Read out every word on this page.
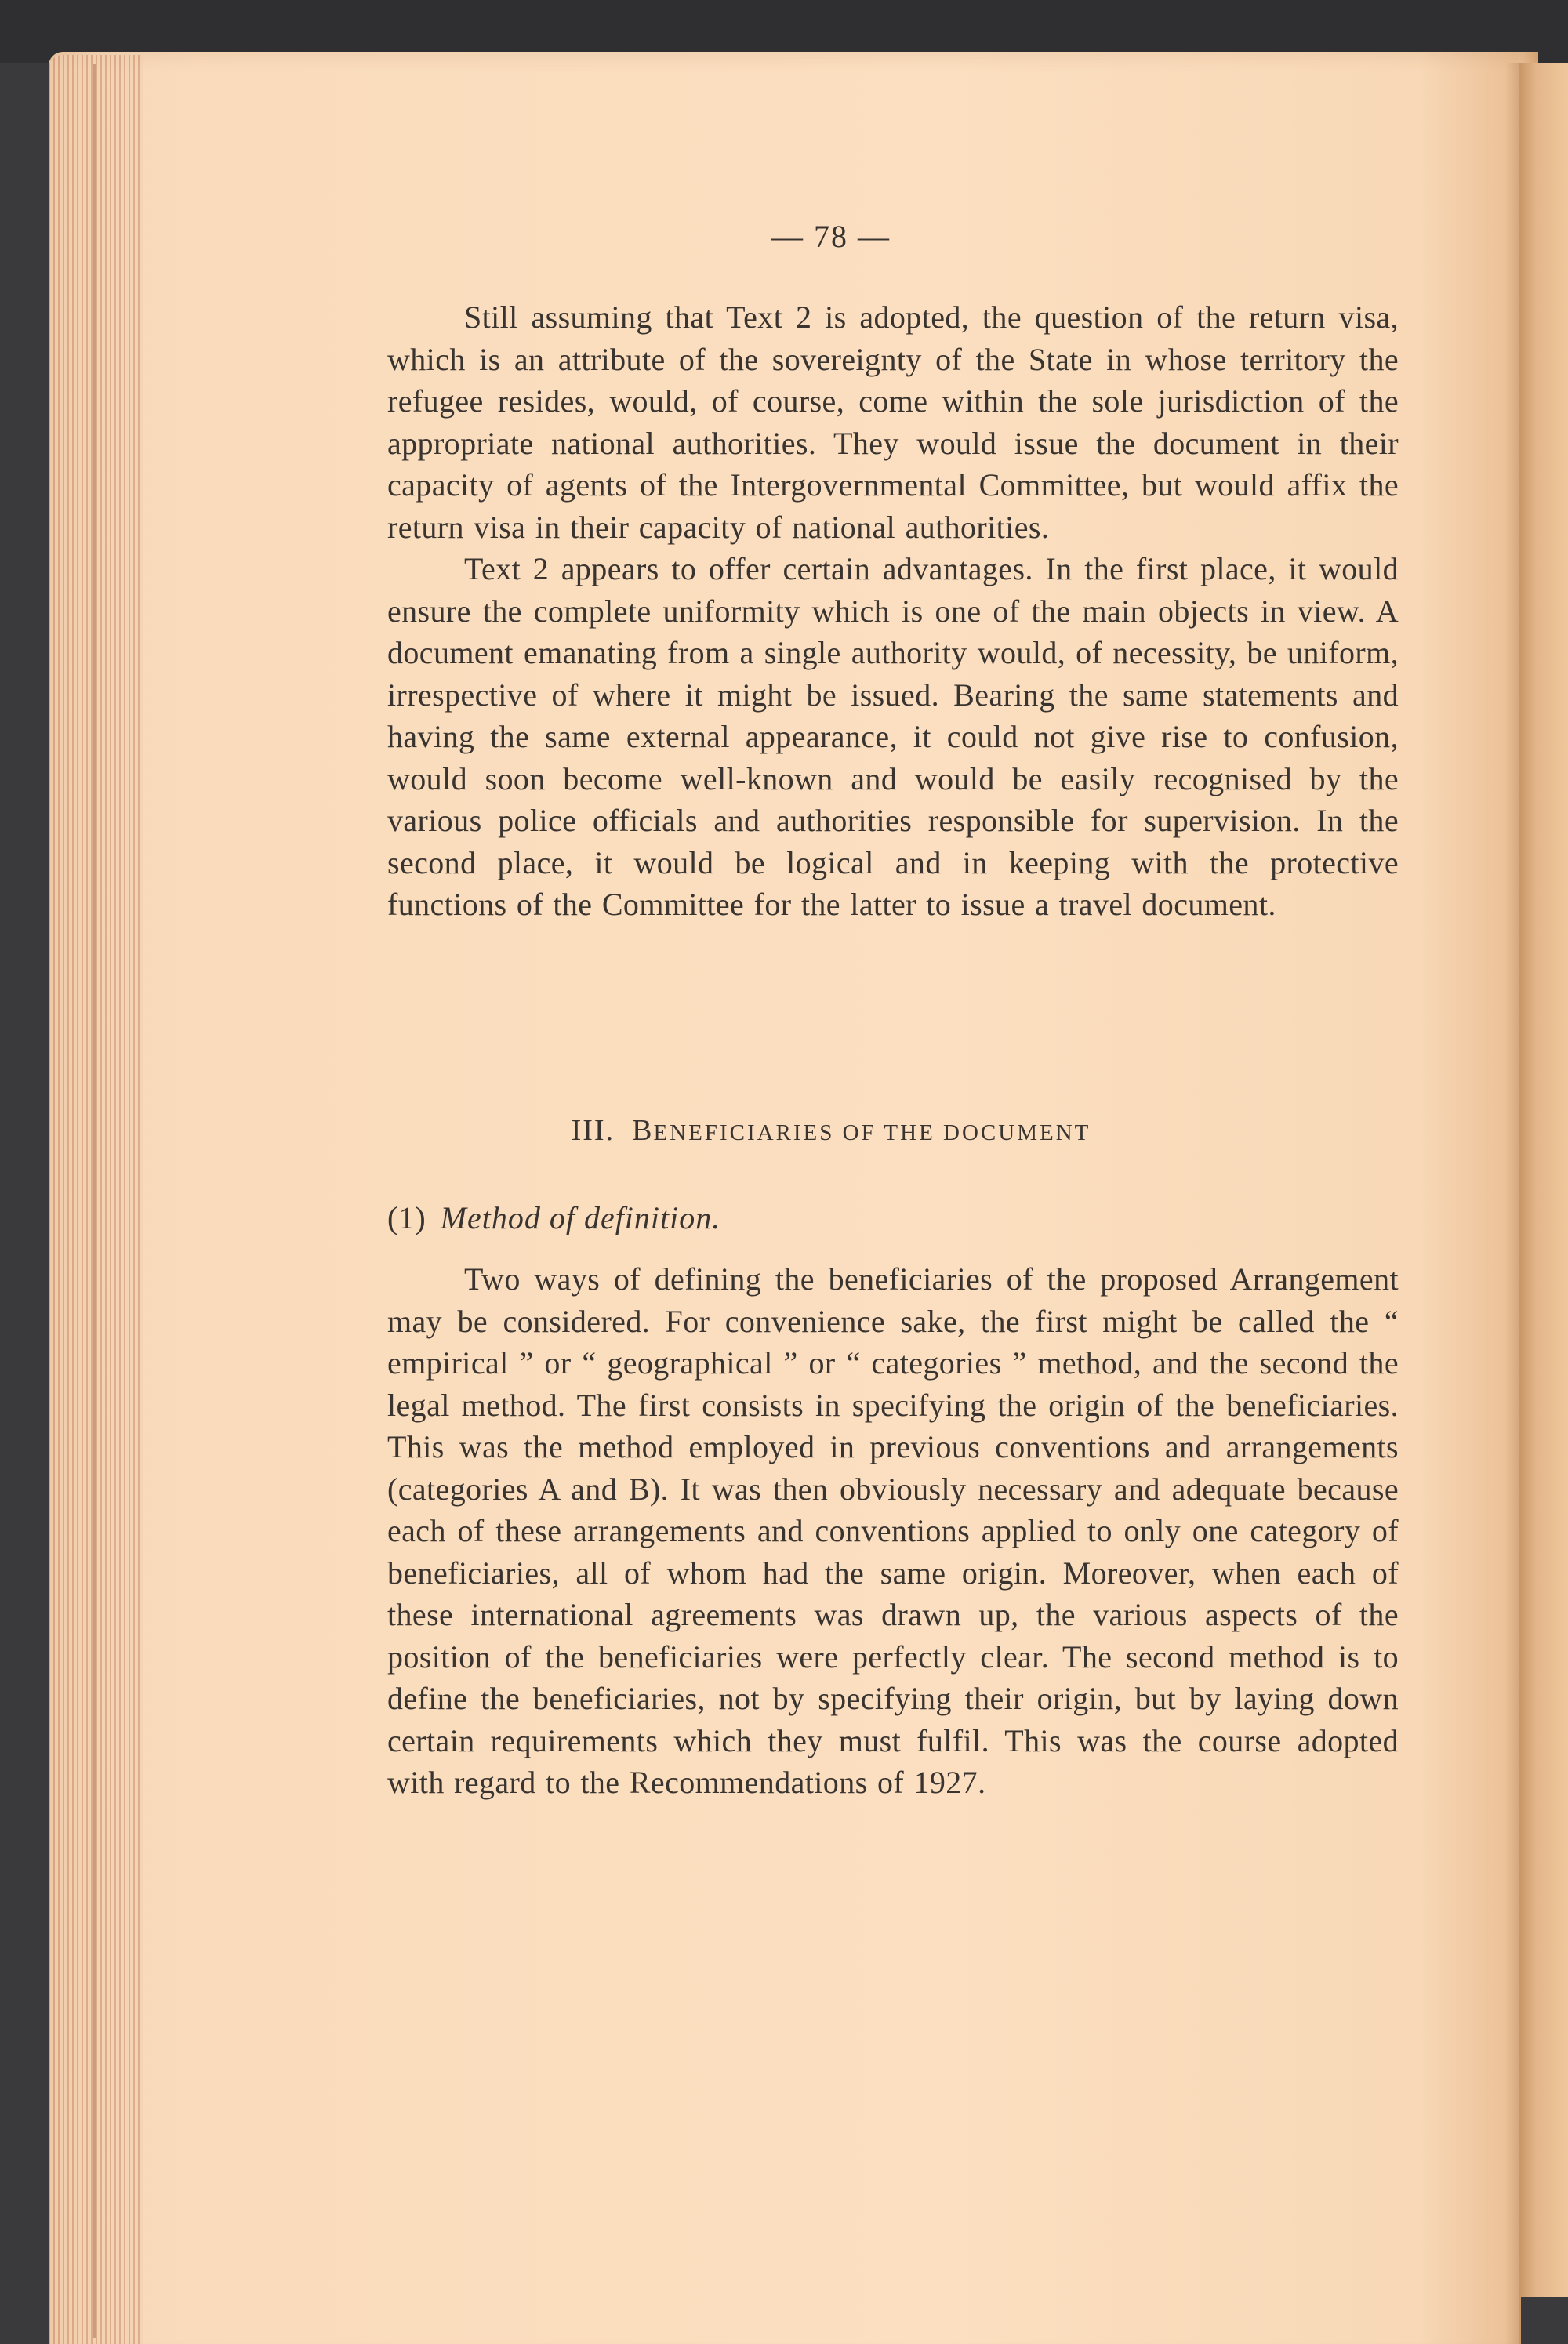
— 78 —

Still assuming that Text 2 is adopted, the question of the return visa, which is an attribute of the sovereignty of the State in whose territory the refugee resides, would, of course, come within the sole jurisdiction of the appropriate national authorities. They would issue the document in their capacity of agents of the Intergovernmental Committee, but would affix the return visa in their capacity of national authorities.

Text 2 appears to offer certain advantages. In the first place, it would ensure the complete uniformity which is one of the main objects in view. A document emanating from a single authority would, of necessity, be uniform, irrespective of where it might be issued. Bearing the same statements and having the same external appearance, it could not give rise to confusion, would soon become well-known and would be easily recognised by the various police officials and authorities responsible for supervision. In the second place, it would be logical and in keeping with the protective functions of the Committee for the latter to issue a travel document.

III. BENEFICIARIES OF THE DOCUMENT
(1) Method of definition.

Two ways of defining the beneficiaries of the proposed Arrangement may be considered. For convenience sake, the first might be called the “ empirical ” or “ geographical ” or “ categories ” method, and the second the legal method. The first consists in specifying the origin of the beneficiaries. This was the method employed in previous conventions and arrangements (categories A and B). It was then obviously necessary and adequate because each of these arrangements and conventions applied to only one category of beneficiaries, all of whom had the same origin. Moreover, when each of these international agreements was drawn up, the various aspects of the position of the beneficiaries were perfectly clear. The second method is to define the beneficiaries, not by specifying their origin, but by laying down certain requirements which they must fulfil. This was the course adopted with regard to the Recommendations of 1927.
